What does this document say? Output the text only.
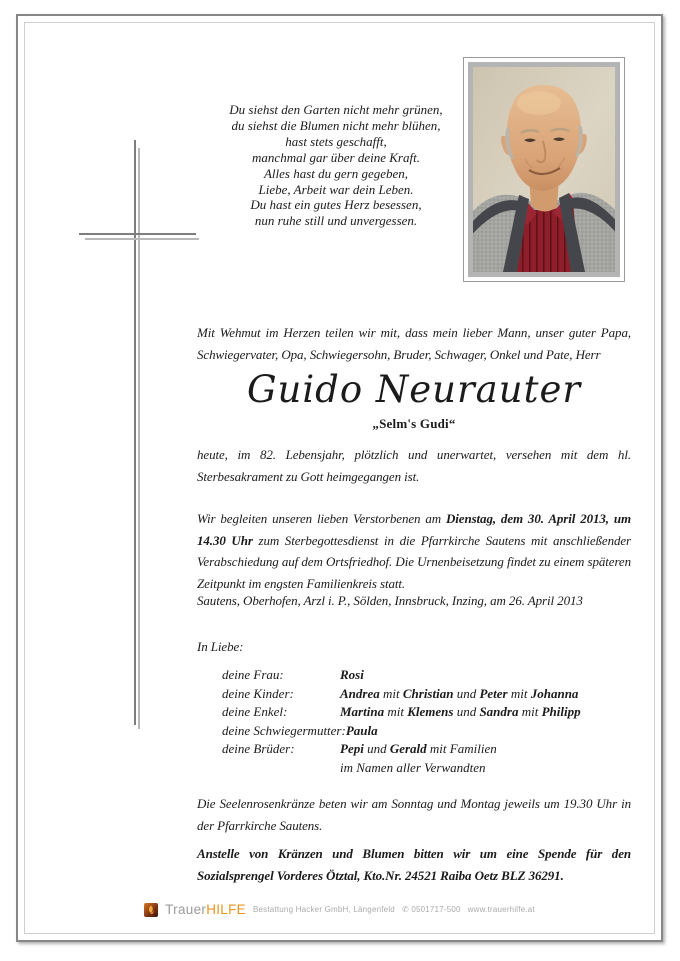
Du siehst den Garten nicht mehr grünen,
du siehst die Blumen nicht mehr blühen,
hast stets geschafft,
manchmal gar über deine Kraft.
Alles hast du gern gegeben,
Liebe, Arbeit war dein Leben.
Du hast ein gutes Herz besessen,
nun ruhe still und unvergessen.
Mit Wehmut im Herzen teilen wir mit, dass mein lieber Mann, unser guter Papa, Schwiegervater, Opa, Schwiegersohn, Bruder, Schwager, Onkel und Pate, Herr
Guido Neurauter
„Selm's Gudi“
heute, im 82. Lebensjahr, plötzlich und unerwartet, versehen mit dem hl. Sterbesakrament zu Gott heimgegangen ist.
Wir begleiten unseren lieben Verstorbenen am Dienstag, dem 30. April 2013, um 14.30 Uhr zum Sterbegottesdienst in die Pfarrkirche Sautens mit anschließender Verabschiedung auf dem Ortsfriedhof. Die Urnenbeisetzung findet zu einem späteren Zeitpunkt im engsten Familienkreis statt.
Sautens, Oberhofen, Arzl i. P., Sölden, Innsbruck, Inzing, am 26. April 2013
In Liebe:
deine Frau:	Rosi
deine Kinder:	Andrea mit Christian und Peter mit Johanna
deine Enkel:	Martina mit Klemens und Sandra mit Philipp
deine Schwiegermutter: Paula
deine Brüder:	Pepi und Gerald mit Familien
im Namen aller Verwandten
Die Seelenrosenkränze beten wir am Sonntag und Montag jeweils um 19.30 Uhr in der Pfarrkirche Sautens.
Anstelle von Kränzen und Blumen bitten wir um eine Spende für den Sozialsprengel Vorderes Ötztal, Kto.Nr. 24521 Raiba Oetz BLZ 36291.
TrauerHILFE Bestattung Hacker GmbH, Längenfeld ✆ 0501717-500 www.trauerhilfe.at
